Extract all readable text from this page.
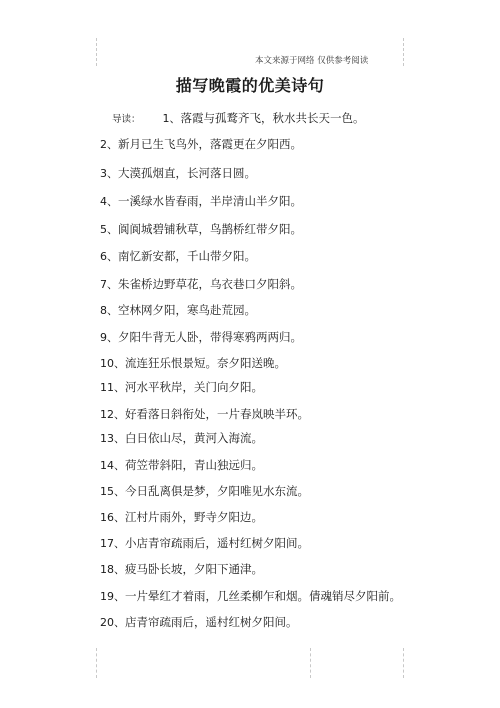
本文来源于网络 仅供参考阅读
描写晚霞的优美诗句
导读： 1、落霞与孤鹜齐飞，秋水共长天一色。
2、新月已生飞鸟外，落霞更在夕阳西。
3、大漠孤烟直，长河落日圆。
4、一溪绿水皆春雨，半岸清山半夕阳。
5、阆阆城碧铺秋草，鸟鹊桥红带夕阳。
6、南忆新安都，千山带夕阳。
7、朱雀桥边野草花，乌衣巷口夕阳斜。
8、空林网夕阳，寒鸟赴荒园。
9、夕阳牛背无人卧，带得寒鸦两两归。
10、流连狂乐恨景短。奈夕阳送晚。
11、河水平秋岸，关门向夕阳。
12、好看落日斜衔处，一片春岚映半环。
13、白日依山尽，黄河入海流。
14、荷笠带斜阳，青山独远归。
15、今日乱离俱是梦，夕阳唯见水东流。
16、江村片雨外，野寺夕阳边。
17、小店青帘疏雨后，遥村红树夕阳间。
18、疲马卧长坡，夕阳下通津。
19、一片晕红才着雨，几丝柔柳乍和烟。倩魂销尽夕阳前。
20、店青帘疏雨后，遥村红树夕阳间。
